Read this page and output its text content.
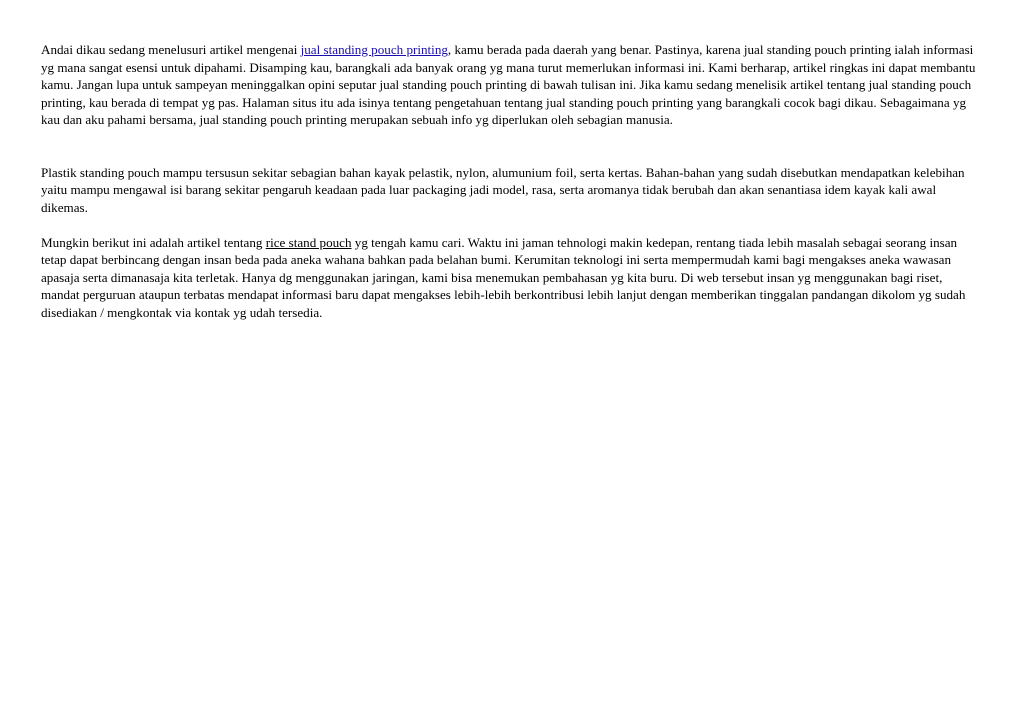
Andai dikau sedang menelusuri artikel mengenai jual standing pouch printing, kamu berada pada daerah yang benar. Pastinya, karena jual standing pouch printing ialah informasi yg mana sangat esensi untuk dipahami. Disamping kau, barangkali ada banyak orang yg mana turut memerlukan informasi ini. Kami berharap, artikel ringkas ini dapat membantu kamu. Jangan lupa untuk sampeyan meninggalkan opini seputar jual standing pouch printing di bawah tulisan ini. Jika kamu sedang menelisik artikel tentang jual standing pouch printing, kau berada di tempat yg pas. Halaman situs itu ada isinya tentang pengetahuan tentang jual standing pouch printing yang barangkali cocok bagi dikau. Sebagaimana yg kau dan aku pahami bersama, jual standing pouch printing merupakan sebuah info yg diperlukan oleh sebagian manusia.

Plastik standing pouch mampu tersusun sekitar sebagian bahan kayak pelastik, nylon, alumunium foil, serta kertas. Bahan-bahan yang sudah disebutkan mendapatkan kelebihan yaitu mampu mengawal isi barang sekitar pengaruh keadaan pada luar packaging jadi model, rasa, serta aromanya tidak berubah dan akan senantiasa idem kayak kali awal dikemas.

Mungkin berikut ini adalah artikel tentang rice stand pouch yg tengah kamu cari. Waktu ini jaman tehnologi makin kedepan, rentang tiada lebih masalah sebagai seorang insan tetap dapat berbincang dengan insan beda pada aneka wahana bahkan pada belahan bumi. Kerumitan teknologi ini serta mempermudah kami bagi mengakses aneka wawasan apasaja serta dimanasaja kita terletak. Hanya dg menggunakan jaringan, kami bisa menemukan pembahasan yg kita buru. Di web tersebut insan yg menggunakan bagi riset, mandat perguruan ataupun terbatas mendapat informasi baru dapat mengakses lebih-lebih berkontribusi lebih lanjut dengan memberikan tinggalan pandangan dikolom yg sudah disediakan / mengkontak via kontak yg udah tersedia.
